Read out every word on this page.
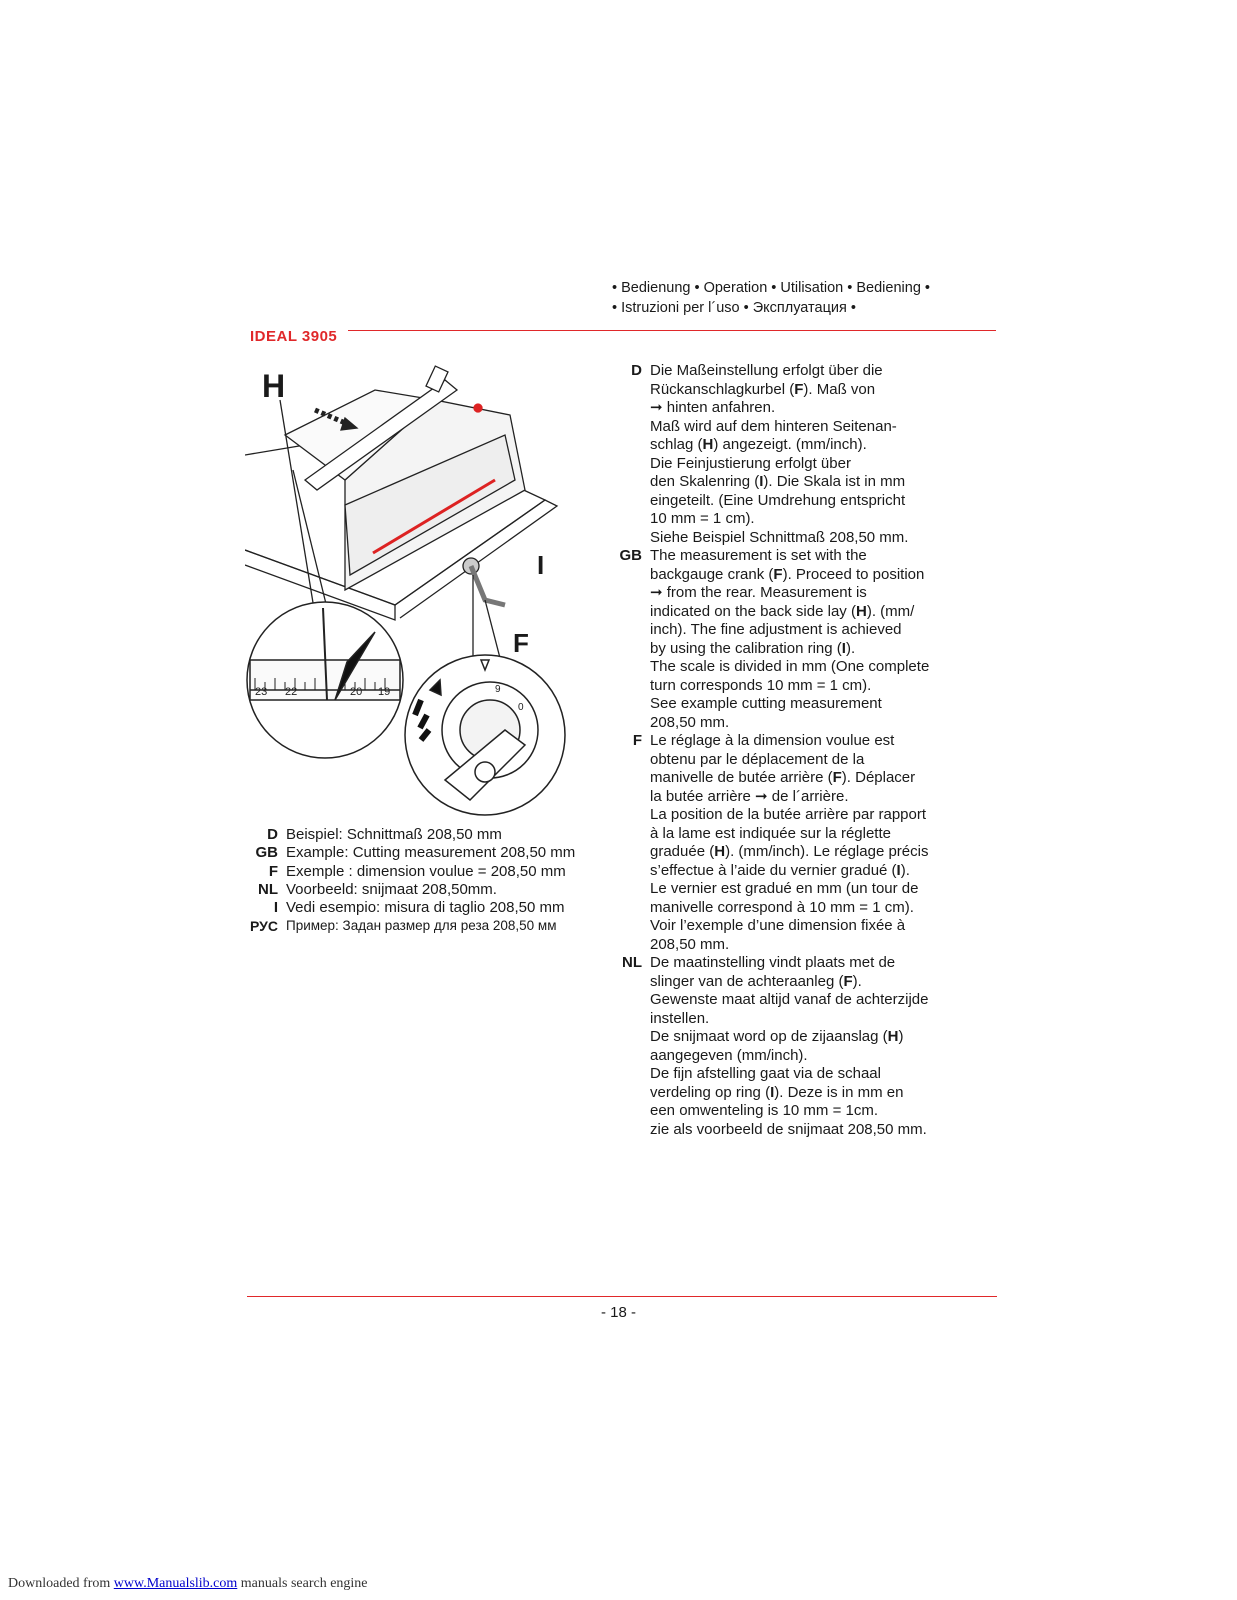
• Bedienung • Operation • Utilisation • Bediening •
• Istruzioni per l´uso • Эксплуатация •
IDEAL 3905
23 22	20 19	9
0
H
I
F
D Beispiel: Schnittmaß 208,50 mm
GB Example: Cutting measurement 208,50 mm
F Exemple : dimension voulue = 208,50 mm
NL Voorbeeld: snijmaat 208,50mm.
I Vedi esempio: misura di taglio 208,50 mm
РУС Пример: Задан размер для реза 208,50 мм
D Die Maßeinstellung erfolgt über die

Rückanschlagkurbel (F). Maß von

➞ hinten anfahren.

Maß wird auf dem hinteren Seitenan-

schlag (H) angezeigt. (mm/inch).

Die Feinjustierung erfolgt über

den Skalenring (I). Die Skala ist in mm

eingeteilt. (Eine Umdrehung entspricht

10 mm = 1 cm).

Siehe Beispiel Schnittmaß 208,50 mm.

GB The measurement is set with the

backgauge crank (F). Proceed to position

➞ from the rear. Measurement is

indicated on the back side lay (H). (mm/

inch). The fine adjustment is achieved

by using the calibration ring (I).

The scale is divided in mm (One complete

turn corresponds 10 mm = 1 cm).

See example cutting measurement

208,50 mm.

F Le réglage à la dimension voulue est

obtenu par le déplacement de la

manivelle de butée arrière (F). Déplacer

la butée arrière ➞ de l´arrière.

La position de la butée arrière par rapport

à la lame est indiquée sur la réglette

graduée (H). (mm/inch). Le réglage précis

s’effectue à l’aide du vernier gradué (I).

Le vernier est gradué en mm (un tour de

manivelle correspond à 10 mm = 1 cm).

Voir l’exemple d’une dimension fixée à

208,50 mm.

NL De maatinstelling vindt plaats met de

slinger van de achteraanleg (F).

Gewenste maat altijd vanaf de achterzijde

instellen.

De snijmaat word op de zijaanslag (H)

aangegeven (mm/inch).

De fijn afstelling gaat via de schaal

verdeling op ring (I). Deze is in mm en

een omwenteling is 10 mm = 1cm.

zie als voorbeeld de snijmaat 208,50 mm.

- 18 -
Downloaded from www.Manualslib.com manuals search engine
